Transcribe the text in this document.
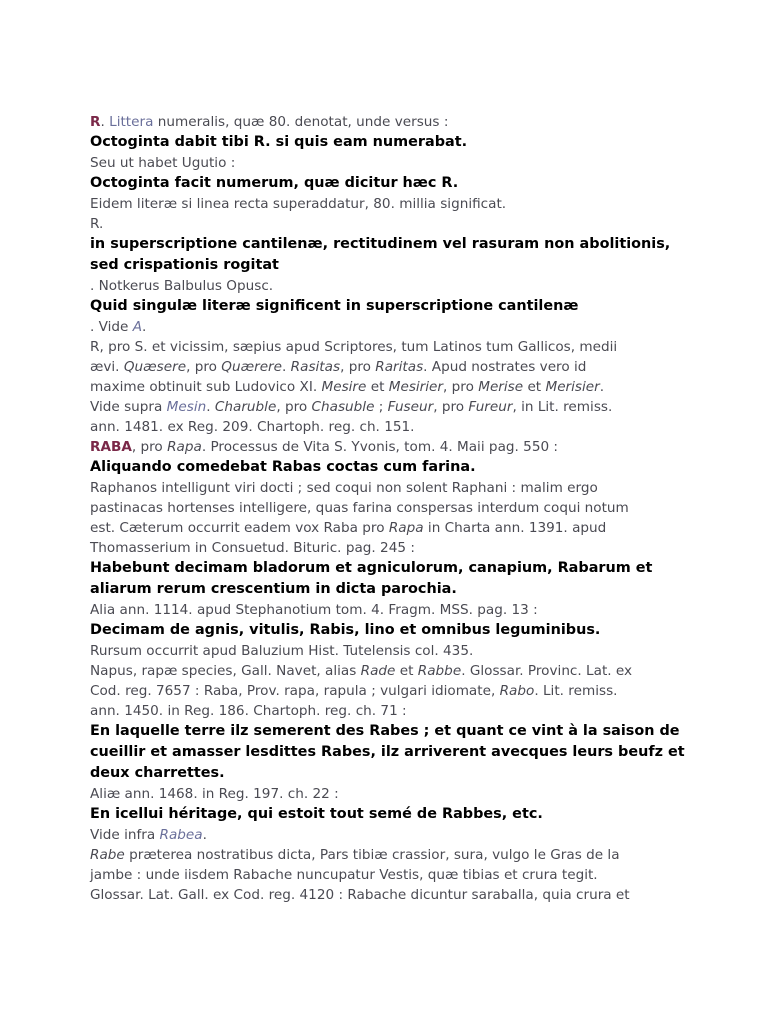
R. Littera numeralis, quæ 80. denotat, unde versus :
Octoginta dabit tibi R. si quis eam numerabat.
Seu ut habet Ugutio :
Octoginta facit numerum, quæ dicitur hæc R.
Eidem literæ si linea recta superaddatur, 80. millia significat.
R.
in superscriptione cantilenæ, rectitudinem vel rasuram non abolitionis,
sed crispationis rogitat
. Notkerus Balbulus Opusc.
Quid singulæ literæ significent in superscriptione cantilenæ
. Vide A.
R, pro S. et vicissim, sæpius apud Scriptores, tum Latinos tum Gallicos, medii
ævi. Quæsere, pro Quærere. Rasitas, pro Raritas. Apud nostrates vero id
maxime obtinuit sub Ludovico XI. Mesire et Mesirier, pro Merise et Merisier.
Vide supra Mesin. Charuble, pro Chasuble ; Fuseur, pro Fureur, in Lit. remiss.
ann. 1481. ex Reg. 209. Chartoph. reg. ch. 151.
RABA, pro Rapa. Processus de Vita S. Yvonis, tom. 4. Maii pag. 550 :
Aliquando comedebat Rabas coctas cum farina.
Raphanos intelligunt viri docti ; sed coqui non solent Raphani : malim ergo
pastinacas hortenses intelligere, quas farina conspersas interdum coqui notum
est. Cæterum occurrit eadem vox Raba pro Rapa in Charta ann. 1391. apud
Thomasserium in Consuetud. Bituric. pag. 245 :
Habebunt decimam bladorum et agniculorum, canapium, Rabarum et
aliarum rerum crescentium in dicta parochia.
Alia ann. 1114. apud Stephanotium tom. 4. Fragm. MSS. pag. 13 :
Decimam de agnis, vitulis, Rabis, lino et omnibus leguminibus.
Rursum occurrit apud Baluzium Hist. Tutelensis col. 435.
Napus, rapæ species, Gall. Navet, alias Rade et Rabbe. Glossar. Provinc. Lat. ex
Cod. reg. 7657 : Raba, Prov. rapa, rapula ; vulgari idiomate, Rabo. Lit. remiss.
ann. 1450. in Reg. 186. Chartoph. reg. ch. 71 :
En laquelle terre ilz semerent des Rabes ; et quant ce vint à la saison de
cueillir et amasser lesdittes Rabes, ilz arriverent avecques leurs beufz et
deux charrettes.
Aliæ ann. 1468. in Reg. 197. ch. 22 :
En icellui héritage, qui estoit tout semé de Rabbes, etc.
Vide infra Rabea.
Rabe præterea nostratibus dicta, Pars tibiæ crassior, sura, vulgo le Gras de la
jambe : unde iisdem Rabache nuncupatur Vestis, quæ tibias et crura tegit.
Glossar. Lat. Gall. ex Cod. reg. 4120 : Rabache dicuntur saraballa, quia crura et
